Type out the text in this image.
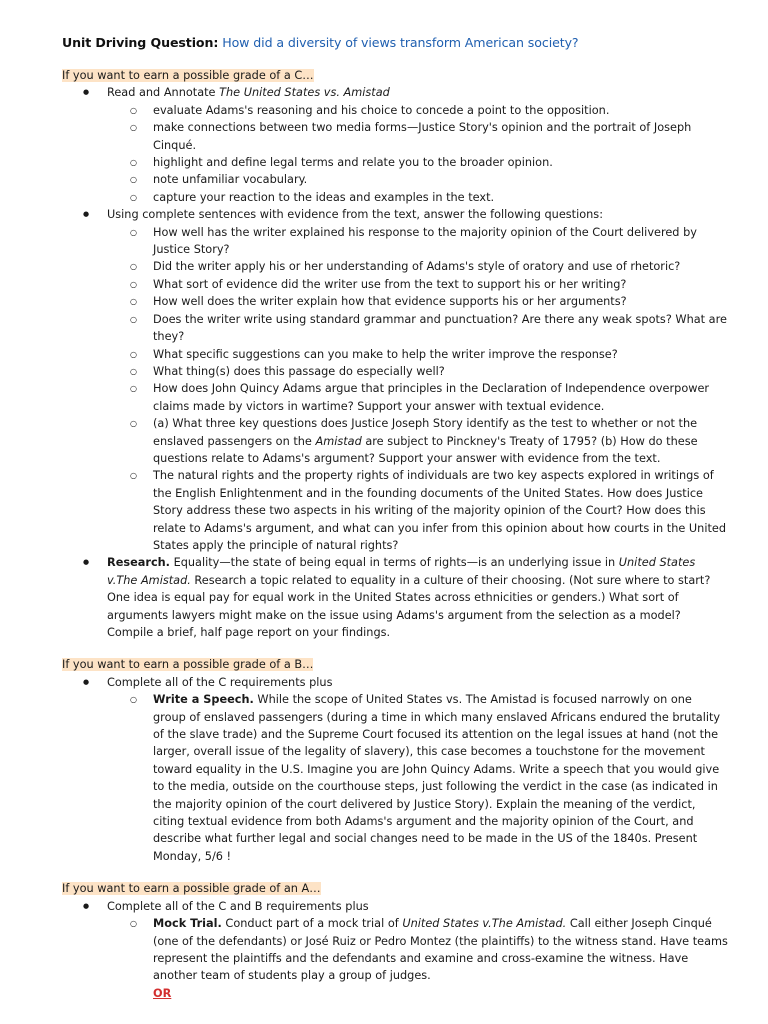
Unit Driving Question: How did a diversity of views transform American society?
If you want to earn a possible grade of a C…
● Read and Annotate The United States vs. Amistad
○ evaluate Adams's reasoning and his choice to concede a point to the opposition.
○ make connections between two media forms—Justice Story's opinion and the portrait of Joseph Cinqué.
○ highlight and define legal terms and relate you to the broader opinion.
○ note unfamiliar vocabulary.
○ capture your reaction to the ideas and examples in the text.
● Using complete sentences with evidence from the text, answer the following questions:
○ How well has the writer explained his response to the majority opinion of the Court delivered by Justice Story?
○ Did the writer apply his or her understanding of Adams's style of oratory and use of rhetoric?
○ What sort of evidence did the writer use from the text to support his or her writing?
○ How well does the writer explain how that evidence supports his or her arguments?
○ Does the writer write using standard grammar and punctuation? Are there any weak spots? What are they?
○ What specific suggestions can you make to help the writer improve the response?
○ What thing(s) does this passage do especially well?
○ How does John Quincy Adams argue that principles in the Declaration of Independence overpower claims made by victors in wartime? Support your answer with textual evidence.
○ (a) What three key questions does Justice Joseph Story identify as the test to whether or not the enslaved passengers on the Amistad are subject to Pinckney's Treaty of 1795? (b) How do these questions relate to Adams's argument? Support your answer with evidence from the text.
○ The natural rights and the property rights of individuals are two key aspects explored in writings of the English Enlightenment and in the founding documents of the United States. How does Justice Story address these two aspects in his writing of the majority opinion of the Court? How does this relate to Adams's argument, and what can you infer from this opinion about how courts in the United States apply the principle of natural rights?
● Research. Equality—the state of being equal in terms of rights—is an underlying issue in United States v.The Amistad. Research a topic related to equality in a culture of their choosing. (Not sure where to start? One idea is equal pay for equal work in the United States across ethnicities or genders.) What sort of arguments lawyers might make on the issue using Adams's argument from the selection as a model? Compile a brief, half page report on your findings.
If you want to earn a possible grade of a B…
● Complete all of the C requirements plus
○ Write a Speech. While the scope of United States vs. The Amistad is focused narrowly on one group of enslaved passengers (during a time in which many enslaved Africans endured the brutality of the slave trade) and the Supreme Court focused its attention on the legal issues at hand (not the larger, overall issue of the legality of slavery), this case becomes a touchstone for the movement toward equality in the U.S. Imagine you are John Quincy Adams. Write a speech that you would give to the media, outside on the courthouse steps, just following the verdict in the case (as indicated in the majority opinion of the court delivered by Justice Story). Explain the meaning of the verdict, citing textual evidence from both Adams's argument and the majority opinion of the Court, and describe what further legal and social changes need to be made in the US of the 1840s. Present Monday, 5/6 !
If you want to earn a possible grade of an A…
● Complete all of the C and B requirements plus
○ Mock Trial. Conduct part of a mock trial of United States v.The Amistad. Call either Joseph Cinqué (one of the defendants) or José Ruiz or Pedro Montez (the plaintiffs) to the witness stand. Have teams represent the plaintiffs and the defendants and examine and cross-examine the witness. Have another team of students play a group of judges.
OR
